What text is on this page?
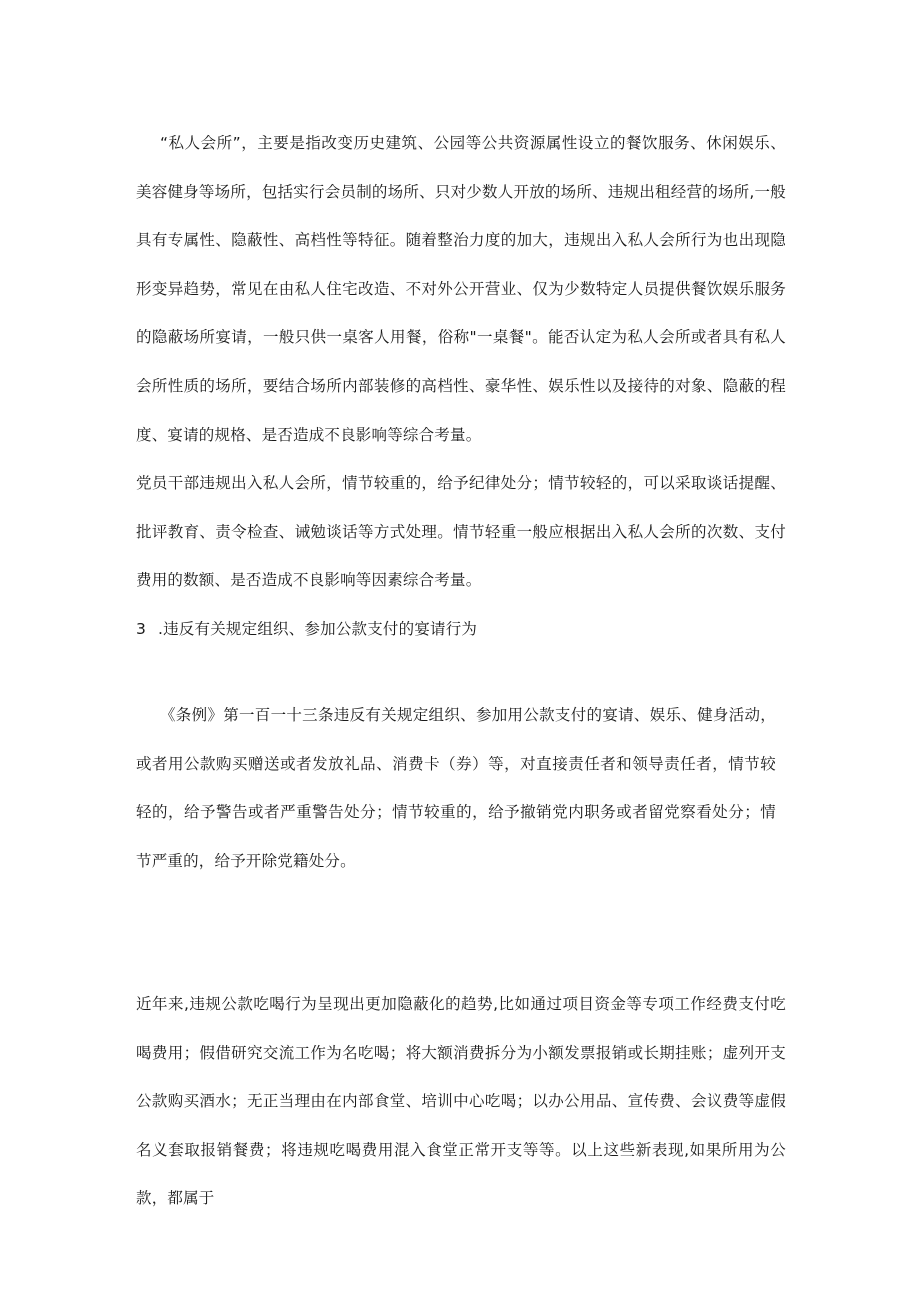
“私人会所”，主要是指改变历史建筑、公园等公共资源属性设立的餐饮服务、休闲娱乐、美容健身等场所，包括实行会员制的场所、只对少数人开放的场所、违规出租经营的场所,一般具有专属性、隐蔽性、高档性等特征。随着整治力度的加大，违规出入私人会所行为也出现隐形变异趋势，常见在由私人住宅改造、不对外公开营业、仅为少数特定人员提供餐饮娱乐服务的隐蔽场所宴请，一般只供一桌客人用餐，俗称"一桌餐"。能否认定为私人会所或者具有私人会所性质的场所，要结合场所内部装修的高档性、豪华性、娱乐性以及接待的对象、隐蔽的程度、宴请的规格、是否造成不良影响等综合考量。

党员干部违规出入私人会所，情节较重的，给予纪律处分；情节较轻的，可以采取谈话提醒、批评教育、责令检查、诫勉谈话等方式处理。情节轻重一般应根据出入私人会所的次数、支付费用的数额、是否造成不良影响等因素综合考量。

3 .违反有关规定组织、参加公款支付的宴请行为

《条例》第一百一十三条违反有关规定组织、参加用公款支付的宴请、娱乐、健身活动，或者用公款购买赠送或者发放礼品、消费卡（券）等，对直接责任者和领导责任者，情节较轻的，给予警告或者严重警告处分；情节较重的，给予撤销党内职务或者留党察看处分；情节严重的，给予开除党籍处分。

近年来,违规公款吃喝行为呈现出更加隐蔽化的趋势,比如通过项目资金等专项工作经费支付吃喝费用；假借研究交流工作为名吃喝；将大额消费拆分为小额发票报销或长期挂账；虚列开支公款购买酒水；无正当理由在内部食堂、培训中心吃喝；以办公用品、宣传费、会议费等虚假名义套取报销餐费；将违规吃喝费用混入食堂正常开支等等。以上这些新表现,如果所用为公款，都属于
